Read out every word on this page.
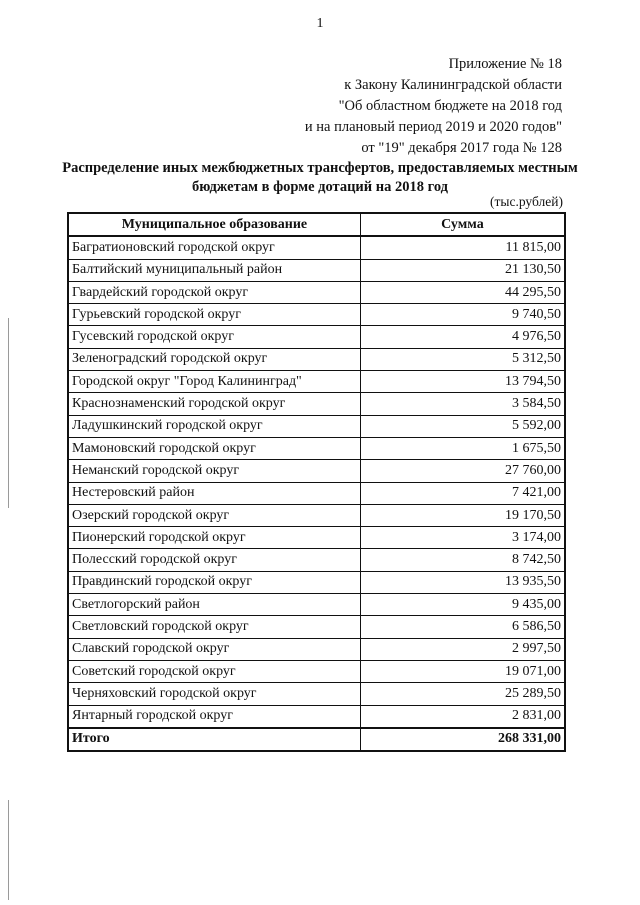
1
Приложение № 18
к Закону Калининградской области
"Об областном бюджете на 2018 год
и на плановый период 2019 и 2020 годов"
от "19" декабря 2017 года № 128
Распределение иных межбюджетных трансфертов, предоставляемых местным бюджетам в форме дотаций на 2018 год
(тыс.рублей)
Муниципальное образование	Сумма
Багратионовский городской округ	11 815,00
Балтийский муниципальный район	21 130,50
Гвардейский городской округ	44 295,50
Гурьевский городской округ	9 740,50
Гусевский городской округ	4 976,50
Зеленоградский городской округ	5 312,50
Городской округ "Город Калининград"	13 794,50
Краснознаменский городской округ	3 584,50
Ладушкинский городской округ	5 592,00
Мамоновский городской округ	1 675,50
Неманский городской округ	27 760,00
Нестеровский район	7 421,00
Озерский городской округ	19 170,50
Пионерский городской округ	3 174,00
Полесский городской округ	8 742,50
Правдинский городской округ	13 935,50
Светлогорский район	9 435,00
Светловский городской округ	6 586,50
Славский городской округ	2 997,50
Советский городской округ	19 071,00
Черняховский городской округ	25 289,50
Янтарный городской округ	2 831,00
Итого	268 331,00
